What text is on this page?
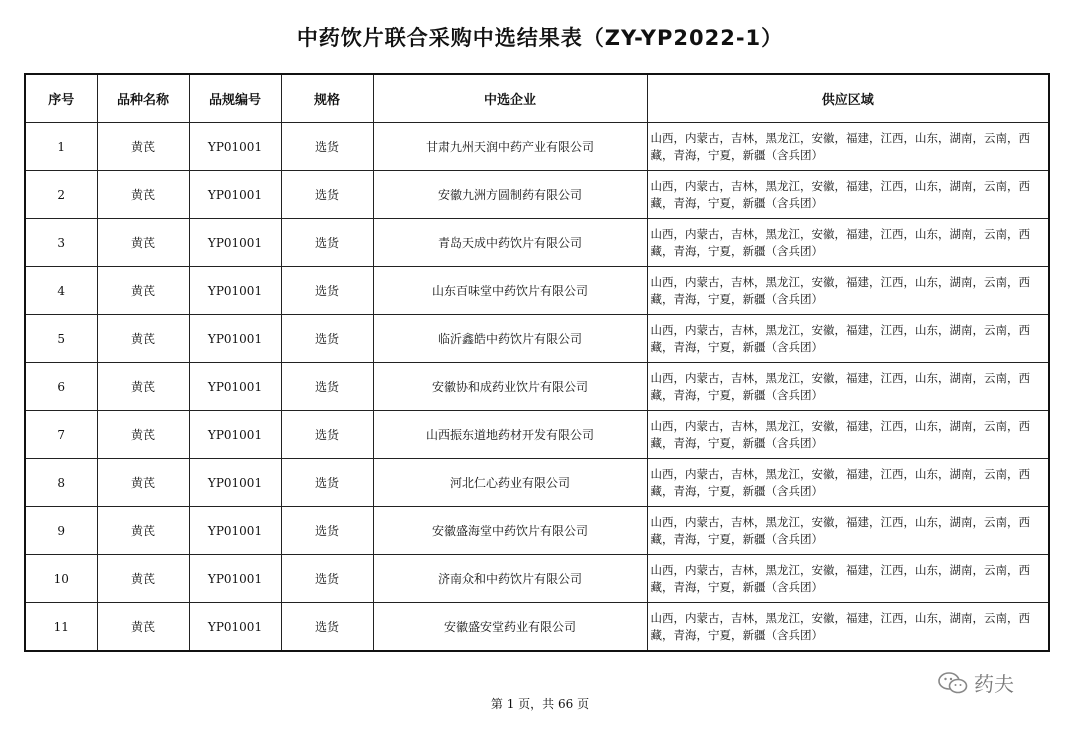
中药饮片联合采购中选结果表（ZY-YP2022-1）
序号	品种名称	品规编号	规格	中选企业	供应区域
1	黄芪	YP01001	选货	甘肃九州天润中药产业有限公司	山西，内蒙古，吉林，黑龙江，安徽，福建，江西，山东，湖南，云南，西藏，青海，宁夏，新疆（含兵团）
2	黄芪	YP01001	选货	安徽九洲方圆制药有限公司	山西，内蒙古，吉林，黑龙江，安徽，福建，江西，山东，湖南，云南，西藏，青海，宁夏，新疆（含兵团）
3	黄芪	YP01001	选货	青岛天成中药饮片有限公司	山西，内蒙古，吉林，黑龙江，安徽，福建，江西，山东，湖南，云南，西藏，青海，宁夏，新疆（含兵团）
4	黄芪	YP01001	选货	山东百味堂中药饮片有限公司	山西，内蒙古，吉林，黑龙江，安徽，福建，江西，山东，湖南，云南，西藏，青海，宁夏，新疆（含兵团）
5	黄芪	YP01001	选货	临沂鑫皓中药饮片有限公司	山西，内蒙古，吉林，黑龙江，安徽，福建，江西，山东，湖南，云南，西藏，青海，宁夏，新疆（含兵团）
6	黄芪	YP01001	选货	安徽协和成药业饮片有限公司	山西，内蒙古，吉林，黑龙江，安徽，福建，江西，山东，湖南，云南，西藏，青海，宁夏，新疆（含兵团）
7	黄芪	YP01001	选货	山西振东道地药材开发有限公司	山西，内蒙古，吉林，黑龙江，安徽，福建，江西，山东，湖南，云南，西藏，青海，宁夏，新疆（含兵团）
8	黄芪	YP01001	选货	河北仁心药业有限公司	山西，内蒙古，吉林，黑龙江，安徽，福建，江西，山东，湖南，云南，西藏，青海，宁夏，新疆（含兵团）
9	黄芪	YP01001	选货	安徽盛海堂中药饮片有限公司	山西，内蒙古，吉林，黑龙江，安徽，福建，江西，山东，湖南，云南，西藏，青海，宁夏，新疆（含兵团）
10	黄芪	YP01001	选货	济南众和中药饮片有限公司	山西，内蒙古，吉林，黑龙江，安徽，福建，江西，山东，湖南，云南，西藏，青海，宁夏，新疆（含兵团）
11	黄芪	YP01001	选货	安徽盛安堂药业有限公司	山西，内蒙古，吉林，黑龙江，安徽，福建，江西，山东，湖南，云南，西藏，青海，宁夏，新疆（含兵团）
第 1 页，共 66 页
药夫
